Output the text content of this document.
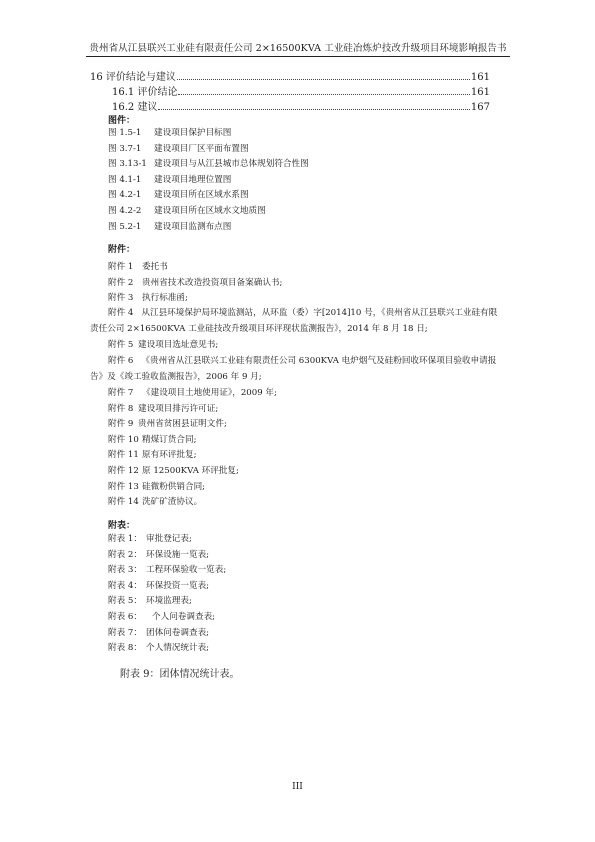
贵州省从江县联兴工业硅有限责任公司 2×16500KVA 工业硅冶炼炉技改升级项目环境影响报告书
16 评价结论与建议	161
16.1 评价结论	161
16.2 建议	167
图件：
图 1.5-1 建设项目保护目标图
图 3.7-1 建设项目厂区平面布置图
图 3.13-1 建设项目与从江县城市总体规划符合性图
图 4.1-1 建设项目地理位置图
图 4.2-1 建设项目所在区域水系图
图 4.2-2 建设项目所在区域水文地质图
图 5.2-1 建设项目监测布点图
附件：
附件 1 委托书
附件 2 贵州省技术改造投资项目备案确认书;
附件 3 执行标准函;
附件 4 从江县环境保护局环境监测站，从环监（委）字[2014]10 号，《贵州省从江县联兴工业硅有限责任公司 2×16500KVA 工业硅技改升级项目环评现状监测报告》，2014 年 8 月 18 日;
附件 5 建设项目选址意见书;
附件 6 《贵州省从江县联兴工业硅有限责任公司 6300KVA 电炉烟气及硅粉回收环保项目验收申请报告》及《竣工验收监测报告》，2006 年 9 月;
附件 7 《建设项目土地使用证》，2009 年;
附件 8 建设项目排污许可证;
附件 9 贵州省贫困县证明文件;
附件 10 精煤订货合同;
附件 11 原有环评批复;
附件 12 原 12500KVA 环评批复;
附件 13 硅微粉供销合同;
附件 14 洗矿矿渣协议。
附表：
附表 1： 审批登记表;
附表 2： 环保设施一览表;
附表 3： 工程环保验收一览表;
附表 4： 环保投资一览表;
附表 5： 环境监理表;
附表 6： 个人问卷调查表;
附表 7： 团体问卷调查表;
附表 8： 个人情况统计表;
附表 9：团体情况统计表。
III
